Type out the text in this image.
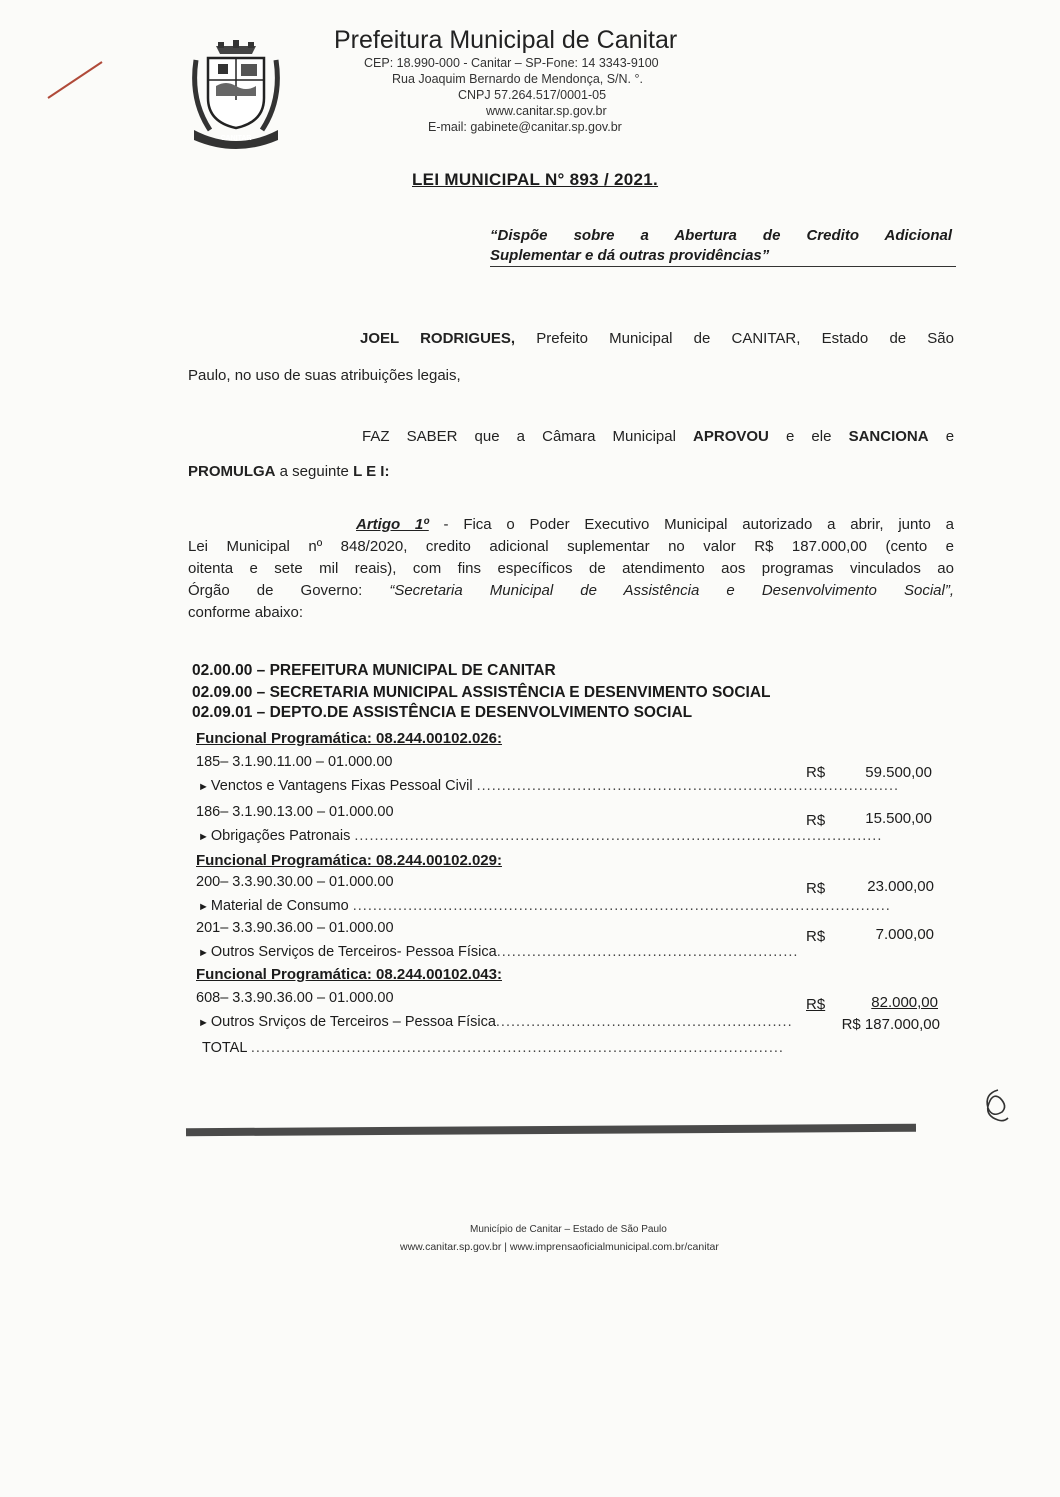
CANITAR
Prefeitura Municipal de Canitar
CEP: 18.990-000 - Canitar – SP-Fone: 14 3343-9100
Rua Joaquim Bernardo de Mendonça, S/N. °.
CNPJ 57.264.517/0001-05
www.canitar.sp.gov.br
E-mail: gabinete@canitar.sp.gov.br
LEI MUNICIPAL N° 893 / 2021.
“Dispõe sobre a Abertura de Credito Adicional
Suplementar e dá outras providências”
JOEL RODRIGUES, Prefeito Municipal de CANITAR, Estado de São
Paulo, no uso de suas atribuições legais,
FAZ SABER que a Câmara Municipal APROVOU e ele SANCIONA e
PROMULGA a seguinte L E I:
Artigo 1º - Fica o Poder Executivo Municipal autorizado a abrir, junto a
Lei Municipal nº 848/2020, credito adicional suplementar no valor R$ 187.000,00 (cento e
oitenta e sete mil reais), com fins específicos de atendimento aos programas vinculados ao
Órgão de Governo: “Secretaria Municipal de Assistência e Desenvolvimento Social”,
conforme abaixo:
02.00.00 – PREFEITURA MUNICIPAL DE CANITAR
02.09.00 – SECRETARIA MUNICIPAL ASSISTÊNCIA E DESENVIMENTO SOCIAL
02.09.01 – DEPTO.DE ASSISTÊNCIA E DESENVOLVIMENTO SOCIAL
Funcional Programática: 08.244.00102.026:
185– 3.1.90.11.00 – 01.000.00
► Venctos e Vantagens Fixas Pessoal Civil ....................................................................................
R$	59.500,00
186– 3.1.90.13.00 – 01.000.00
► Obrigações Patronais .........................................................................................................
R$	15.500,00
Funcional Programática: 08.244.00102.029:
200– 3.3.90.30.00 – 01.000.00
► Material de Consumo ...........................................................................................................
R$	23.000,00
201– 3.3.90.36.00 – 01.000.00
► Outros Serviços de Terceiros- Pessoa Física............................................................
R$	7.000,00
Funcional Programática: 08.244.00102.043:
608– 3.3.90.36.00 – 01.000.00
► Outros Srviços de Terceiros – Pessoa Física...........................................................
R$	82.000,00
TOTAL ..........................................................................................................
R$ 187.000,00
Município de Canitar – Estado de São Paulo
www.canitar.sp.gov.br | www.imprensaoficialmunicipal.com.br/canitar
